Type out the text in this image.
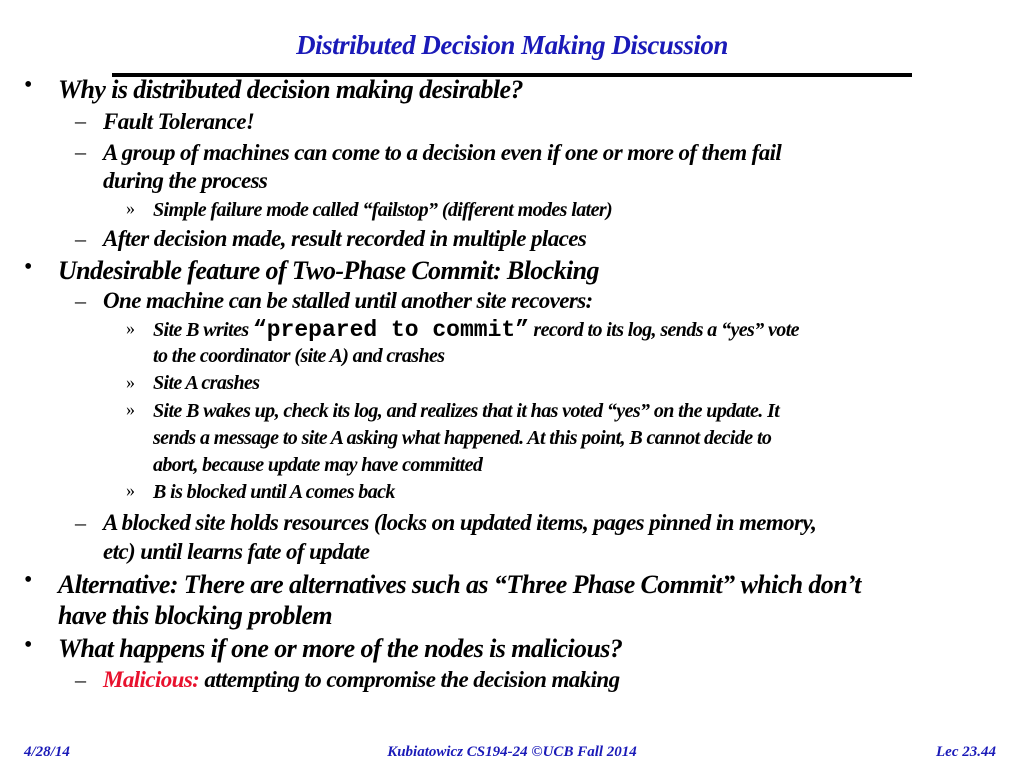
Distributed Decision Making Discussion
• Why is distributed decision making desirable?
– Fault Tolerance!
– A group of machines can come to a decision even if one or more of them fail
during the process
» Simple failure mode called “failstop” (different modes later)
– After decision made, result recorded in multiple places
• Undesirable feature of Two-Phase Commit: Blocking
– One machine can be stalled until another site recovers:
» Site B writes “prepared to commit” record to its log, sends a “yes” vote
to the coordinator (site A) and crashes
» Site A crashes
» Site B wakes up, check its log, and realizes that it has voted “yes” on the update. It
sends a message to site A asking what happened. At this point, B cannot decide to
abort, because update may have committed
» B is blocked until A comes back
– A blocked site holds resources (locks on updated items, pages pinned in memory,
etc) until learns fate of update
• Alternative: There are alternatives such as “Three Phase Commit” which don’t
have this blocking problem
• What happens if one or more of the nodes is malicious?
– Malicious: attempting to compromise the decision making
4/28/14	Kubiatowicz CS194-24 ©UCB Fall 2014	Lec 23.44
